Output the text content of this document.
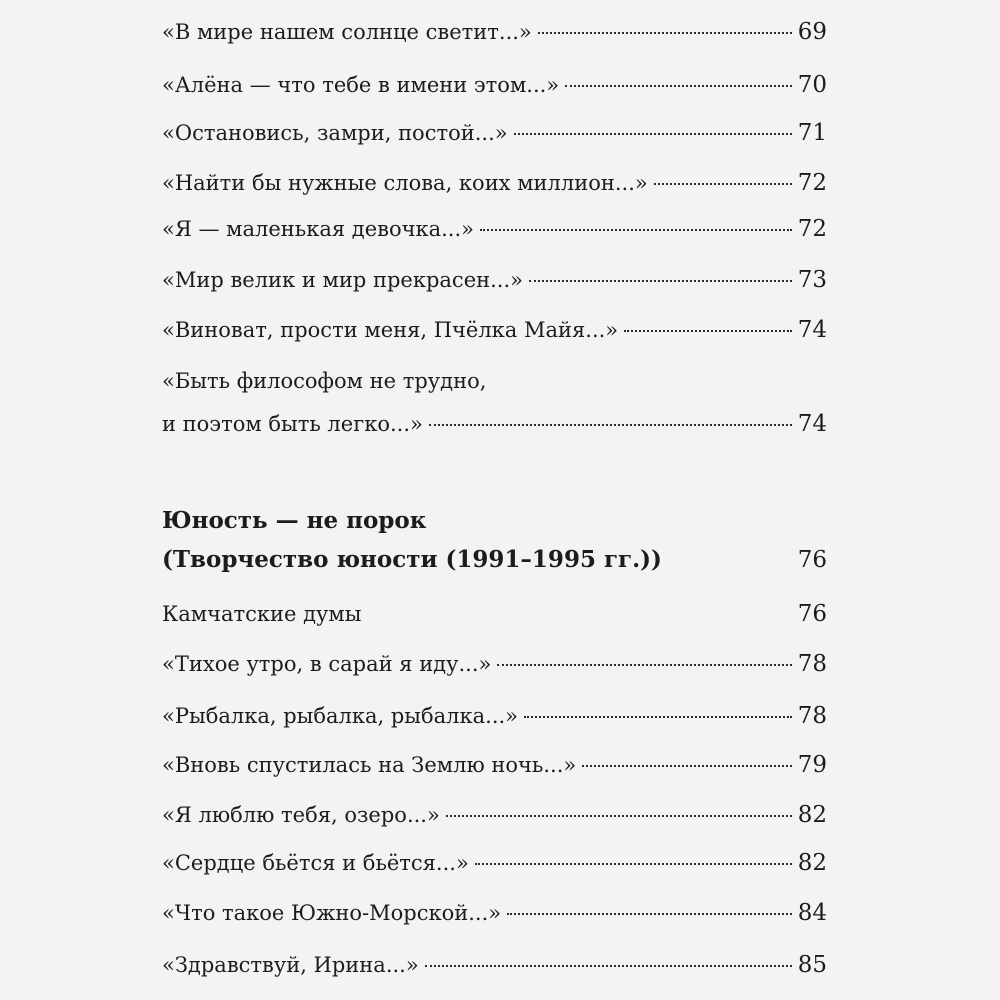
«В мире нашем солнце светит...»	69
«Алёна — что тебе в имени этом...»	70
«Остановись, замри, постой...»	71
«Найти бы нужные слова, коих миллион...»	72
«Я — маленькая девочка...»	72
«Мир велик и мир прекрасен...»	73
«Виноват, прости меня, Пчёлка Майя...»	74
«Быть философом не трудно,
и поэтом быть легко...»	74
Юность — не порок
(Творчество юности (1991–1995 гг.))	76
Камчатские думы	76
«Тихое утро, в сарай я иду...»	78
«Рыбалка, рыбалка, рыбалка...»	78
«Вновь спустилась на Землю ночь...»	79
«Я люблю тебя, озеро...»	82
«Сердце бьётся и бьётся...»	82
«Что такое Южно-Морской...»	84
«Здравствуй, Ирина...»	85
